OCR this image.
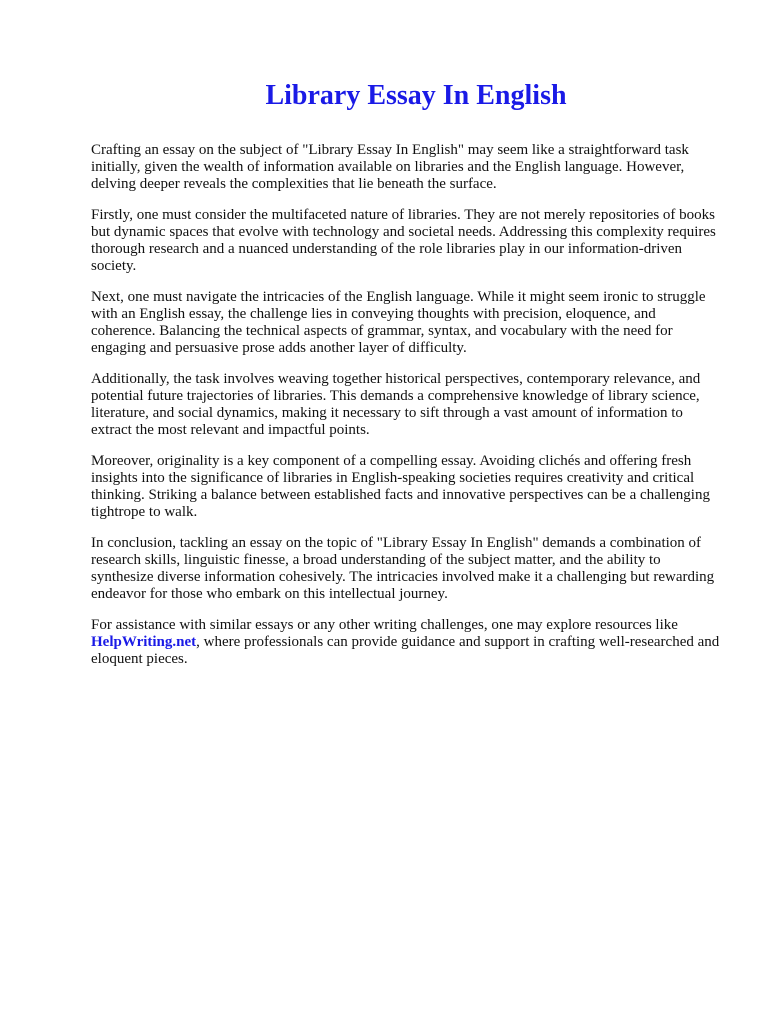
Library Essay In English

Crafting an essay on the subject of "Library Essay In English" may seem like a straightforward task initially, given the wealth of information available on libraries and the English language. However, delving deeper reveals the complexities that lie beneath the surface.

Firstly, one must consider the multifaceted nature of libraries. They are not merely repositories of books but dynamic spaces that evolve with technology and societal needs. Addressing this complexity requires thorough research and a nuanced understanding of the role libraries play in our information-driven society.

Next, one must navigate the intricacies of the English language. While it might seem ironic to struggle with an English essay, the challenge lies in conveying thoughts with precision, eloquence, and coherence. Balancing the technical aspects of grammar, syntax, and vocabulary with the need for engaging and persuasive prose adds another layer of difficulty.

Additionally, the task involves weaving together historical perspectives, contemporary relevance, and potential future trajectories of libraries. This demands a comprehensive knowledge of library science, literature, and social dynamics, making it necessary to sift through a vast amount of information to extract the most relevant and impactful points.

Moreover, originality is a key component of a compelling essay. Avoiding clichés and offering fresh insights into the significance of libraries in English-speaking societies requires creativity and critical thinking. Striking a balance between established facts and innovative perspectives can be a challenging tightrope to walk.

In conclusion, tackling an essay on the topic of "Library Essay In English" demands a combination of research skills, linguistic finesse, a broad understanding of the subject matter, and the ability to synthesize diverse information cohesively. The intricacies involved make it a challenging but rewarding endeavor for those who embark on this intellectual journey.

For assistance with similar essays or any other writing challenges, one may explore resources like HelpWriting.net, where professionals can provide guidance and support in crafting well-researched and eloquent pieces.
